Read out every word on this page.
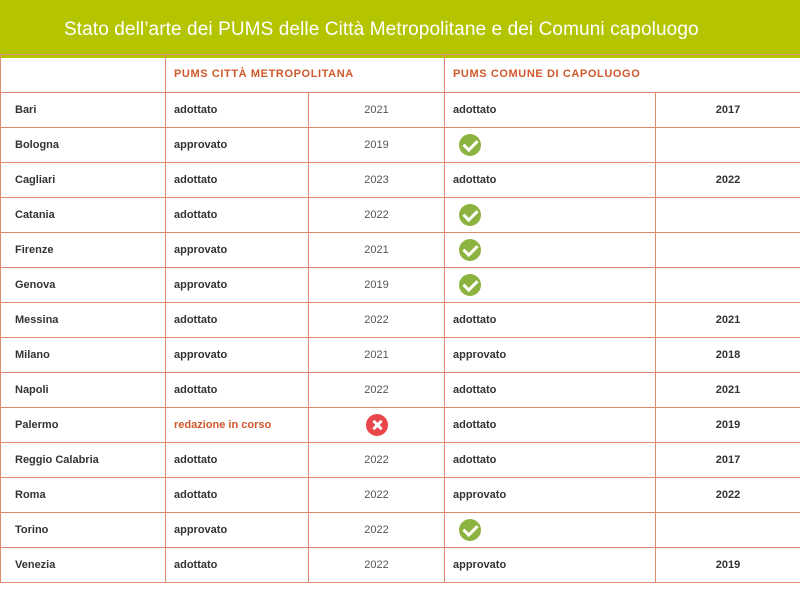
Stato dell’arte dei PUMS delle Città Metropolitane e dei Comuni capoluogo
	PUMS CITTÀ METROPOLITANA		PUMS COMUNE DI CAPOLUOGO	
Bari	adottato	2021	adottato	2017
Bologna	approvato	2019		
Cagliari	adottato	2023	adottato	2022
Catania	adottato	2022		
Firenze	approvato	2021		
Genova	approvato	2019		
Messina	adottato	2022	adottato	2021
Milano	approvato	2021	approvato	2018
Napoli	adottato	2022	adottato	2021
Palermo	redazione in corso		adottato	2019
Reggio Calabria	adottato	2022	adottato	2017
Roma	adottato	2022	approvato	2022
Torino	approvato	2022		
Venezia	adottato	2022	approvato	2019
